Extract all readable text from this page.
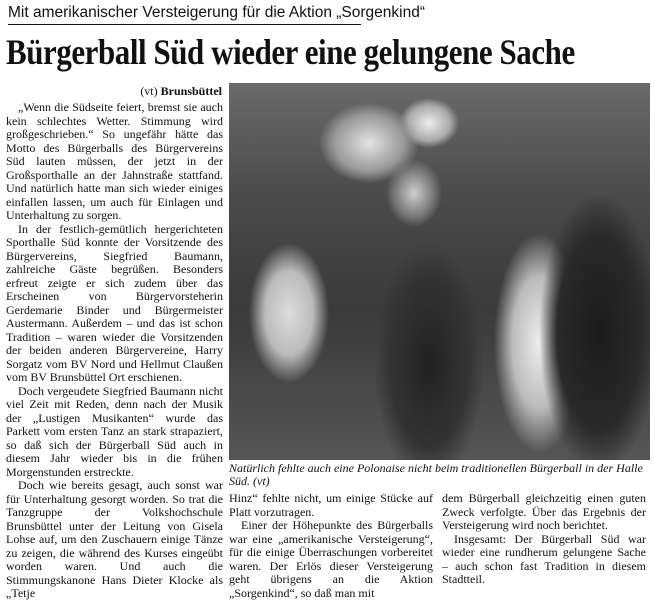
Mit amerikanischer Versteigerung für die Aktion „Sorgenkind“
Bürgerball Süd wieder eine gelungene Sache
(vt) Brunsbüttel

„Wenn die Südseite feiert, bremst sie auch kein schlechtes Wetter. Stimmung wird großgeschrieben.“ So ungefähr hätte das Motto des Bürgerballs des Bürgervereins Süd lauten müssen, der jetzt in der Großsporthalle an der Jahnstraße stattfand. Und natürlich hatte man sich wieder einiges einfallen lassen, um auch für Einlagen und Unterhaltung zu sorgen.

In der festlich-gemütlich hergerichteten Sporthalle Süd konnte der Vorsitzende des Bürgervereins, Siegfried Baumann, zahlreiche Gäste begrüßen. Besonders erfreut zeigte er sich zudem über das Erscheinen von Bürgervorsteherin Gerdemarie Binder und Bürgermeister Austermann. Außerdem – und das ist schon Tradition – waren wieder die Vorsitzenden der beiden anderen Bürgervereine, Harry Sorgatz vom BV Nord und Hellmut Claußen vom BV Brunsbüttel Ort erschienen.

Doch vergeudete Siegfried Baumann nicht viel Zeit mit Reden, denn nach der Musik der „Lustigen Musikanten“ wurde das Parkett vom ersten Tanz an stark strapaziert, so daß sich der Bürgerball Süd auch in diesem Jahr wieder bis in die frühen Morgenstunden erstreckte.

Doch wie bereits gesagt, auch sonst war für Unterhaltung gesorgt worden. So trat die Tanzgruppe der Volkshochschule Brunsbüttel unter der Leitung von Gisela Lohse auf, um den Zuschauern einige Tänze zu zeigen, die während des Kurses eingeübt worden waren. Und auch die Stimmungskanone Hans Dieter Klocke als „Tetje

Natürlich fehlte auch eine Polonaise nicht beim traditionellen Bürgerball in der Halle Süd. (vt)

Hinz“ fehlte nicht, um einige Stücke auf Platt vorzutragen.

Einer der Höhepunkte des Bürgerballs war eine „amerikanische Versteigerung“, für die einige Überraschungen vorbereitet waren. Der Erlös dieser Versteigerung geht übrigens an die Aktion „Sorgenkind“, so daß man mit

dem Bürgerball gleichzeitig einen guten Zweck verfolgte. Über das Ergebnis der Versteigerung wird noch berichtet.

Insgesamt: Der Bürgerball Süd war wieder eine rundherum gelungene Sache – auch schon fast Tradition in diesem Stadtteil.
